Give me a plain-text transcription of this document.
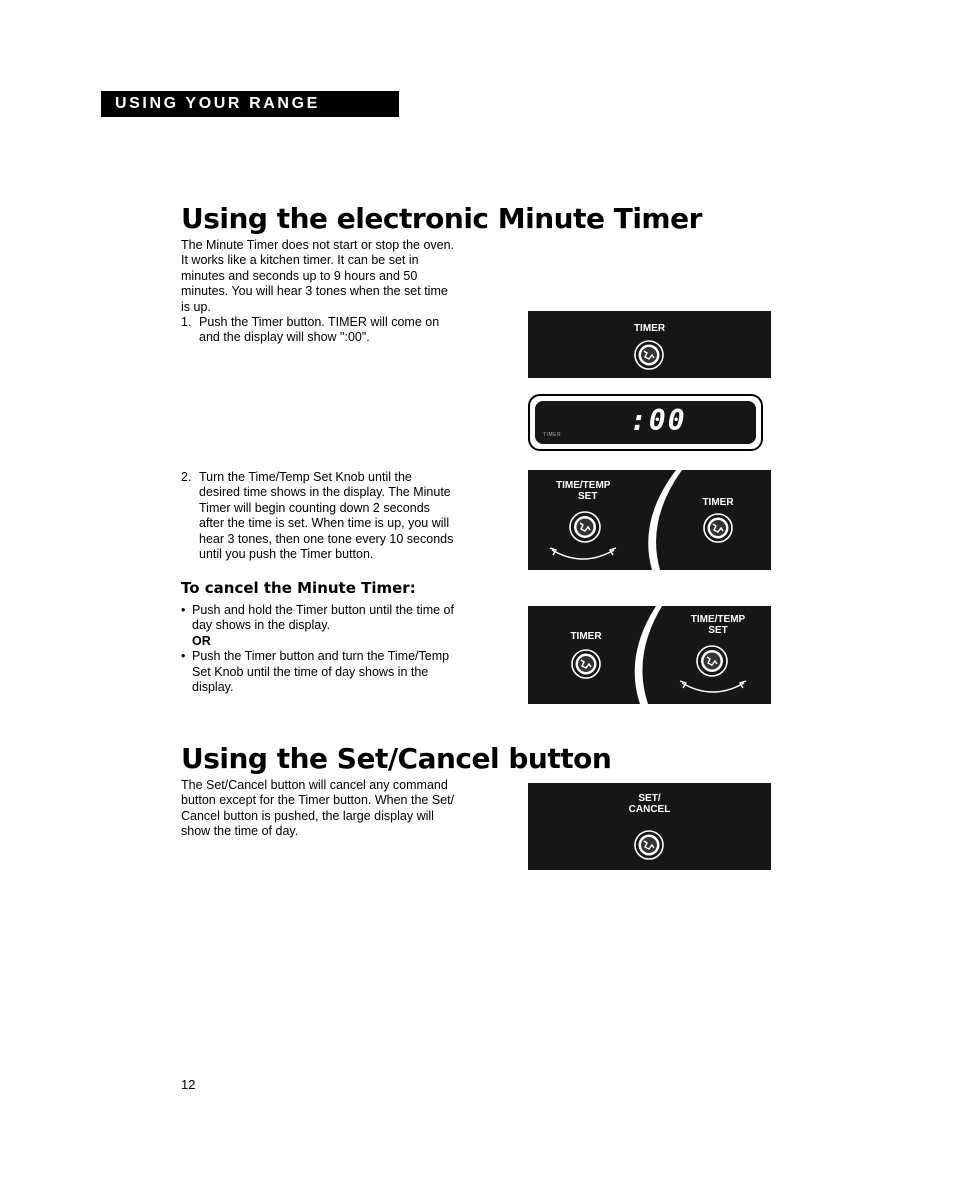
USING YOUR RANGE
Using the electronic Minute Timer
The Minute Timer does not start or stop the oven.
It works like a kitchen timer. It can be set in
minutes and seconds up to 9 hours and 50
minutes. You will hear 3 tones when the set time
is up.
1. Push the Timer button. TIMER will come on
and the display will show ":00".
2. Turn the Time/Temp Set Knob until the
desired time shows in the display. The Minute
Timer will begin counting down 2 seconds
after the time is set. When time is up, you will
hear 3 tones, then one tone every 10 seconds
until you push the Timer button.
To cancel the Minute Timer:
• Push and hold the Timer button until the time of
day shows in the display.
OR
• Push the Timer button and turn the Time/Temp
Set Knob until the time of day shows in the
display.
Using the Set/Cancel button
The Set/Cancel button will cancel any command
button except for the Timer button. When the Set/
Cancel button is pushed, the large display will
show the time of day.
TIMER
TIMER :00
TIME/TEMP
SET
TIMER
TIMER
TIME/TEMP
SET
SET/
CANCEL
12
